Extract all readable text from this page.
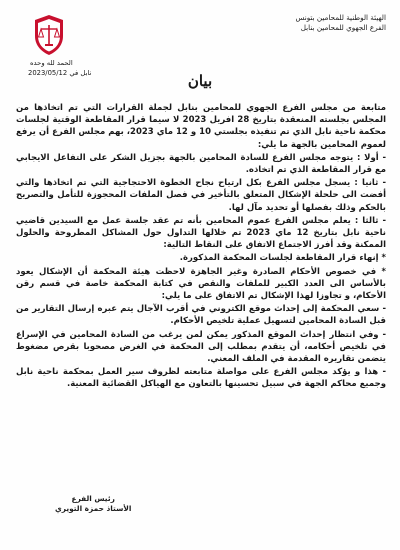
الهيئة الوطنية للمحامين بتونس
الفرع الجهوي للمحامين بنابل
الحمد لله وحده
نابل في 2023/05/12	بيان

متابعة من مجلس الفرع الجهوي للمحامين بنابل لجملة القرارات التي تم اتخاذها من المجلس بجلسته المنعقدة بتاريخ 28 افريل 2023 لا سيما قرار المقاطعة الوقتية لجلسات محكمة ناحية نابل الذي تم تنفيذه بجلستي 10 و 12 ماي 2023، بهم مجلس الفرع أن يرفع لعموم المحامين بالجهة ما يلي:

- أولا : يتوجه مجلس الفرع للسادة المحامين بالجهة بجزيل الشكر على التفاعل الايجابي مع قرار المقاطعة الذي تم اتخاذه.

- ثانيا : يسجل مجلس الفرع بكل ارتياح نجاح الخطوة الاحتجاجية التي تم اتخاذها والتي أفضت الى حلحلة الإشكال المتعلق بالتأخير في فصل الملفات المحجوزة للتأمل والتصريح بالحكم وذلك بفصلها أو تحديد مآل لها.

- ثالثا : يعلم مجلس الفرع عموم المحامين بأنه تم عقد جلسة عمل مع السيدين قاضيي ناحية نابل بتاريخ 12 ماي 2023 تم خلالها التداول حول المشاكل المطروحة والحلول الممكنة وقد أفرز الاجتماع الاتفاق على النقاط التالية:

* إنهاء قرار المقاطعة لجلسات المحكمة المذكورة.

* في خصوص الأحكام الصادرة وغير الجاهزة لاحظت هيئة المحكمة أن الإشكال يعود بالأساس الى العدد الكبير للملفات والنقص في كتابة المحكمة خاصة في قسم رقن الأحكام، و تجاوزا لهذا الإشكال تم الاتفاق على ما يلي:

- سعي المحكمة إلى إحداث موقع الكتروني في أقرب الآجال يتم عبره إرسال التقارير من قبل السادة المحامين لتسهيل عملية تلخيص الأحكام.

- وفي انتظار إحداث الموقع المذكور يمكن لمن يرغب من السادة المحامين في الإسراع في تلخيص أحكامه، أن يتقدم بمطلب إلى المحكمة في الغرض مصحوبا بقرص مضغوط يتضمن تقاريره المقدمة في الملف المعني.

- هذا و يؤكد مجلس الفرع على مواصلة متابعته لظروف سير العمل بمحكمة ناحية نابل وجميع محاكم الجهة في سبيل تحسينها بالتعاون مع الهياكل القضائية المعنية.

رئيس الفرع
الأستاذ حمزة التويري
